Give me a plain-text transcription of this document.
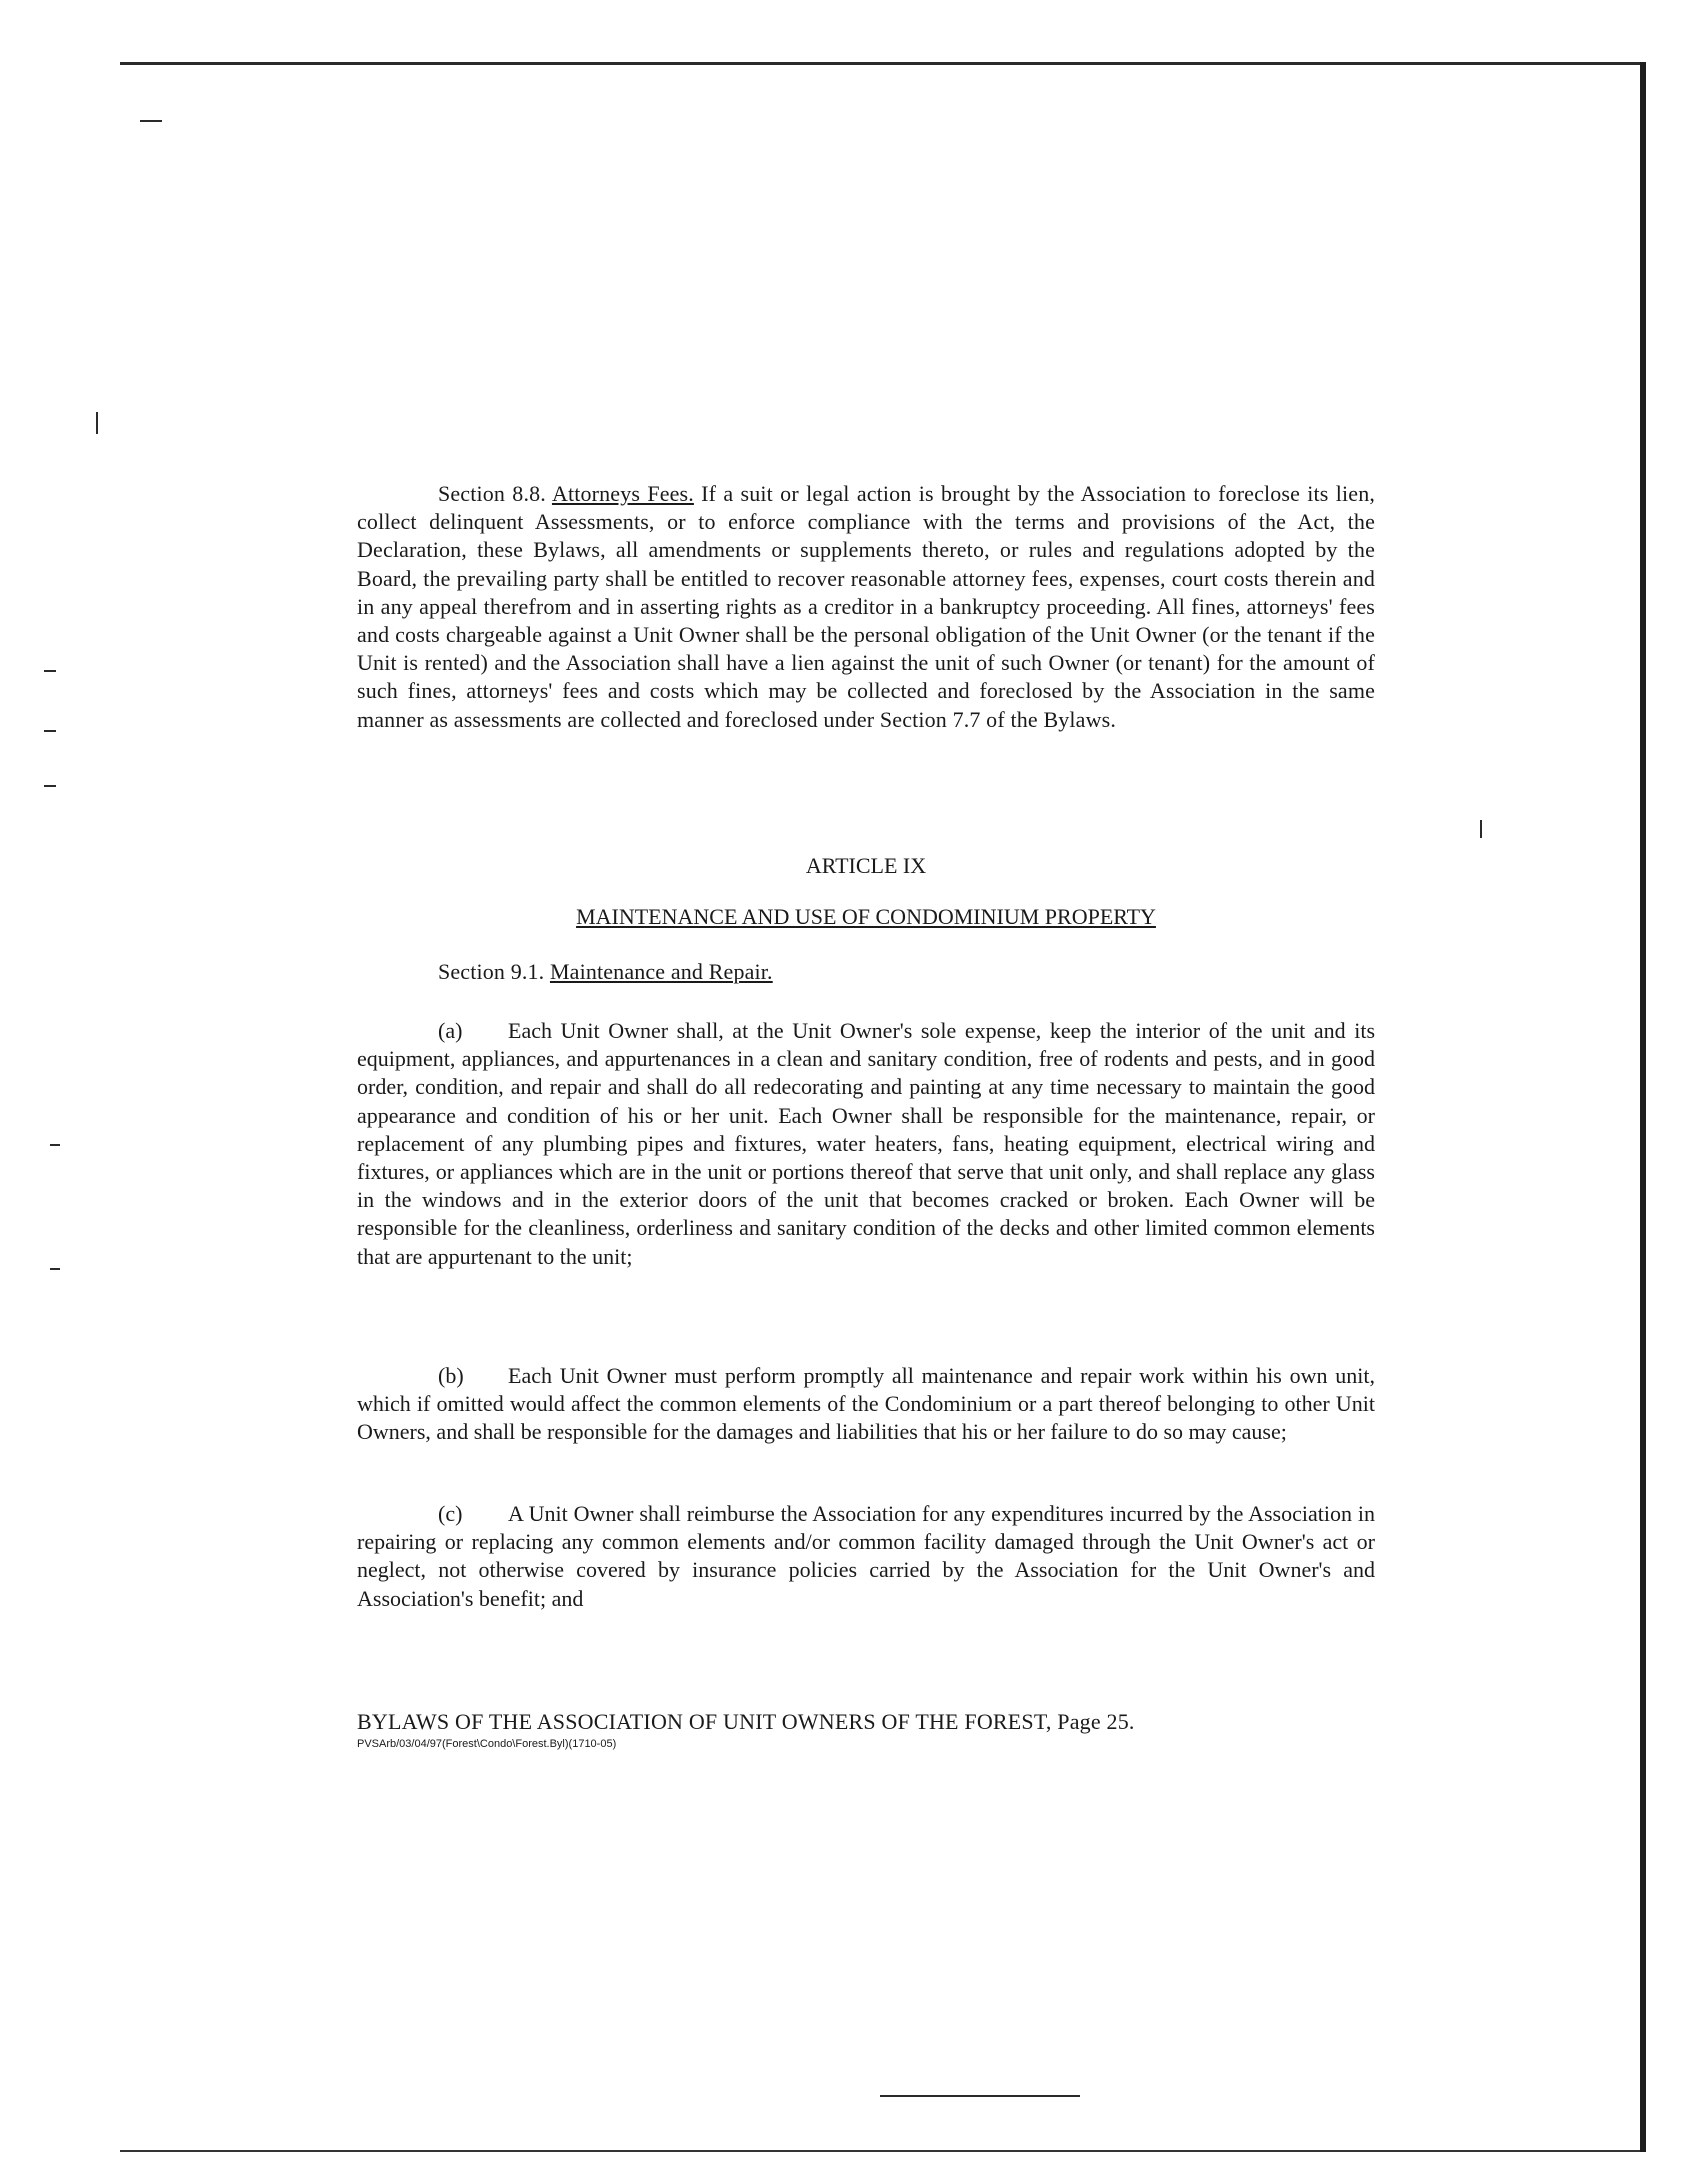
Section 8.8. Attorneys Fees. If a suit or legal action is brought by the Association to foreclose its lien, collect delinquent Assessments, or to enforce compliance with the terms and provisions of the Act, the Declaration, these Bylaws, all amendments or supplements thereto, or rules and regulations adopted by the Board, the prevailing party shall be entitled to recover reasonable attorney fees, expenses, court costs therein and in any appeal therefrom and in asserting rights as a creditor in a bankruptcy proceeding. All fines, attorneys' fees and costs chargeable against a Unit Owner shall be the personal obligation of the Unit Owner (or the tenant if the Unit is rented) and the Association shall have a lien against the unit of such Owner (or tenant) for the amount of such fines, attorneys' fees and costs which may be collected and foreclosed by the Association in the same manner as assessments are collected and foreclosed under Section 7.7 of the Bylaws.
ARTICLE IX
MAINTENANCE AND USE OF CONDOMINIUM PROPERTY
Section 9.1. Maintenance and Repair.
(a) Each Unit Owner shall, at the Unit Owner's sole expense, keep the interior of the unit and its equipment, appliances, and appurtenances in a clean and sanitary condition, free of rodents and pests, and in good order, condition, and repair and shall do all redecorating and painting at any time necessary to maintain the good appearance and condition of his or her unit. Each Owner shall be responsible for the maintenance, repair, or replacement of any plumbing pipes and fixtures, water heaters, fans, heating equipment, electrical wiring and fixtures, or appliances which are in the unit or portions thereof that serve that unit only, and shall replace any glass in the windows and in the exterior doors of the unit that becomes cracked or broken. Each Owner will be responsible for the cleanliness, orderliness and sanitary condition of the decks and other limited common elements that are appurtenant to the unit;
(b) Each Unit Owner must perform promptly all maintenance and repair work within his own unit, which if omitted would affect the common elements of the Condominium or a part thereof belonging to other Unit Owners, and shall be responsible for the damages and liabilities that his or her failure to do so may cause;
(c) A Unit Owner shall reimburse the Association for any expenditures incurred by the Association in repairing or replacing any common elements and/or common facility damaged through the Unit Owner's act or neglect, not otherwise covered by insurance policies carried by the Association for the Unit Owner's and Association's benefit; and
BYLAWS OF THE ASSOCIATION OF UNIT OWNERS OF THE FOREST, Page 25.
PVSArb/03/04/97(Forest\Condo\Forest.Byl)(1710-05)
